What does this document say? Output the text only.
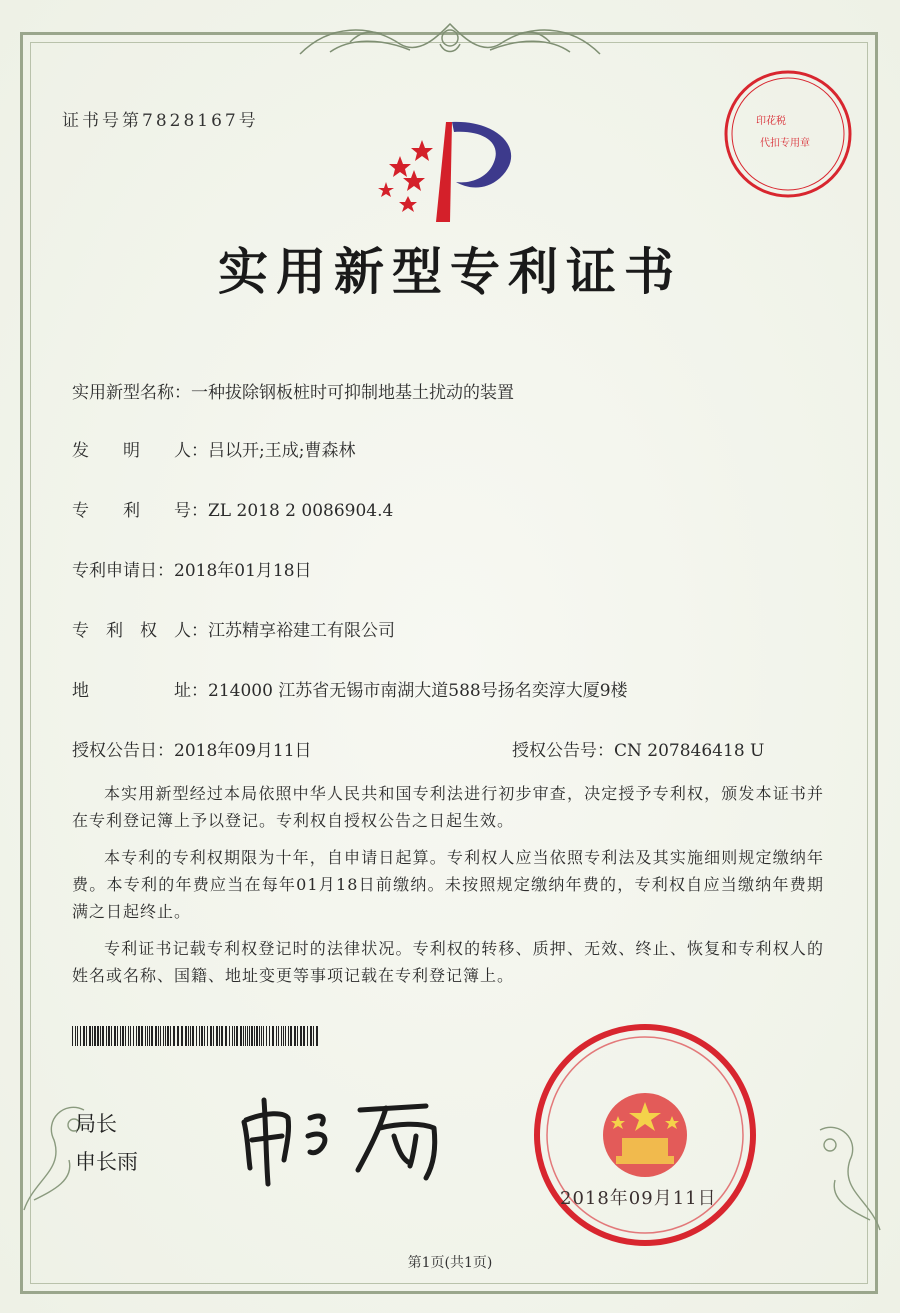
证书号第7828167号	印花税
代扣专用章
实用新型专利证书
实用新型名称：一种拔除钢板桩时可抑制地基土扰动的装置
发　　明　　人：吕以开;王成;曹森林
专　　利　　号：ZL 2018 2 0086904.4
专利申请日：2018年01月18日
专　利　权　人：江苏精享裕建工有限公司
地　　　　　址：214000 江苏省无锡市南湖大道588号扬名奕淳大厦9楼
授权公告日：2018年09月11日	授权公告号：CN 207846418 U

本实用新型经过本局依照中华人民共和国专利法进行初步审查，决定授予专利权，颁发本证书并在专利登记簿上予以登记。专利权自授权公告之日起生效。

本专利的专利权期限为十年，自申请日起算。专利权人应当依照专利法及其实施细则规定缴纳年费。本专利的年费应当在每年01月18日前缴纳。未按照规定缴纳年费的，专利权自应当缴纳年费期满之日起终止。

专利证书记载专利权登记时的法律状况。专利权的转移、质押、无效、终止、恢复和专利权人的姓名或名称、国籍、地址变更等事项记载在专利登记簿上。

局长
申长雨
2018年09月11日
第1页(共1页)
